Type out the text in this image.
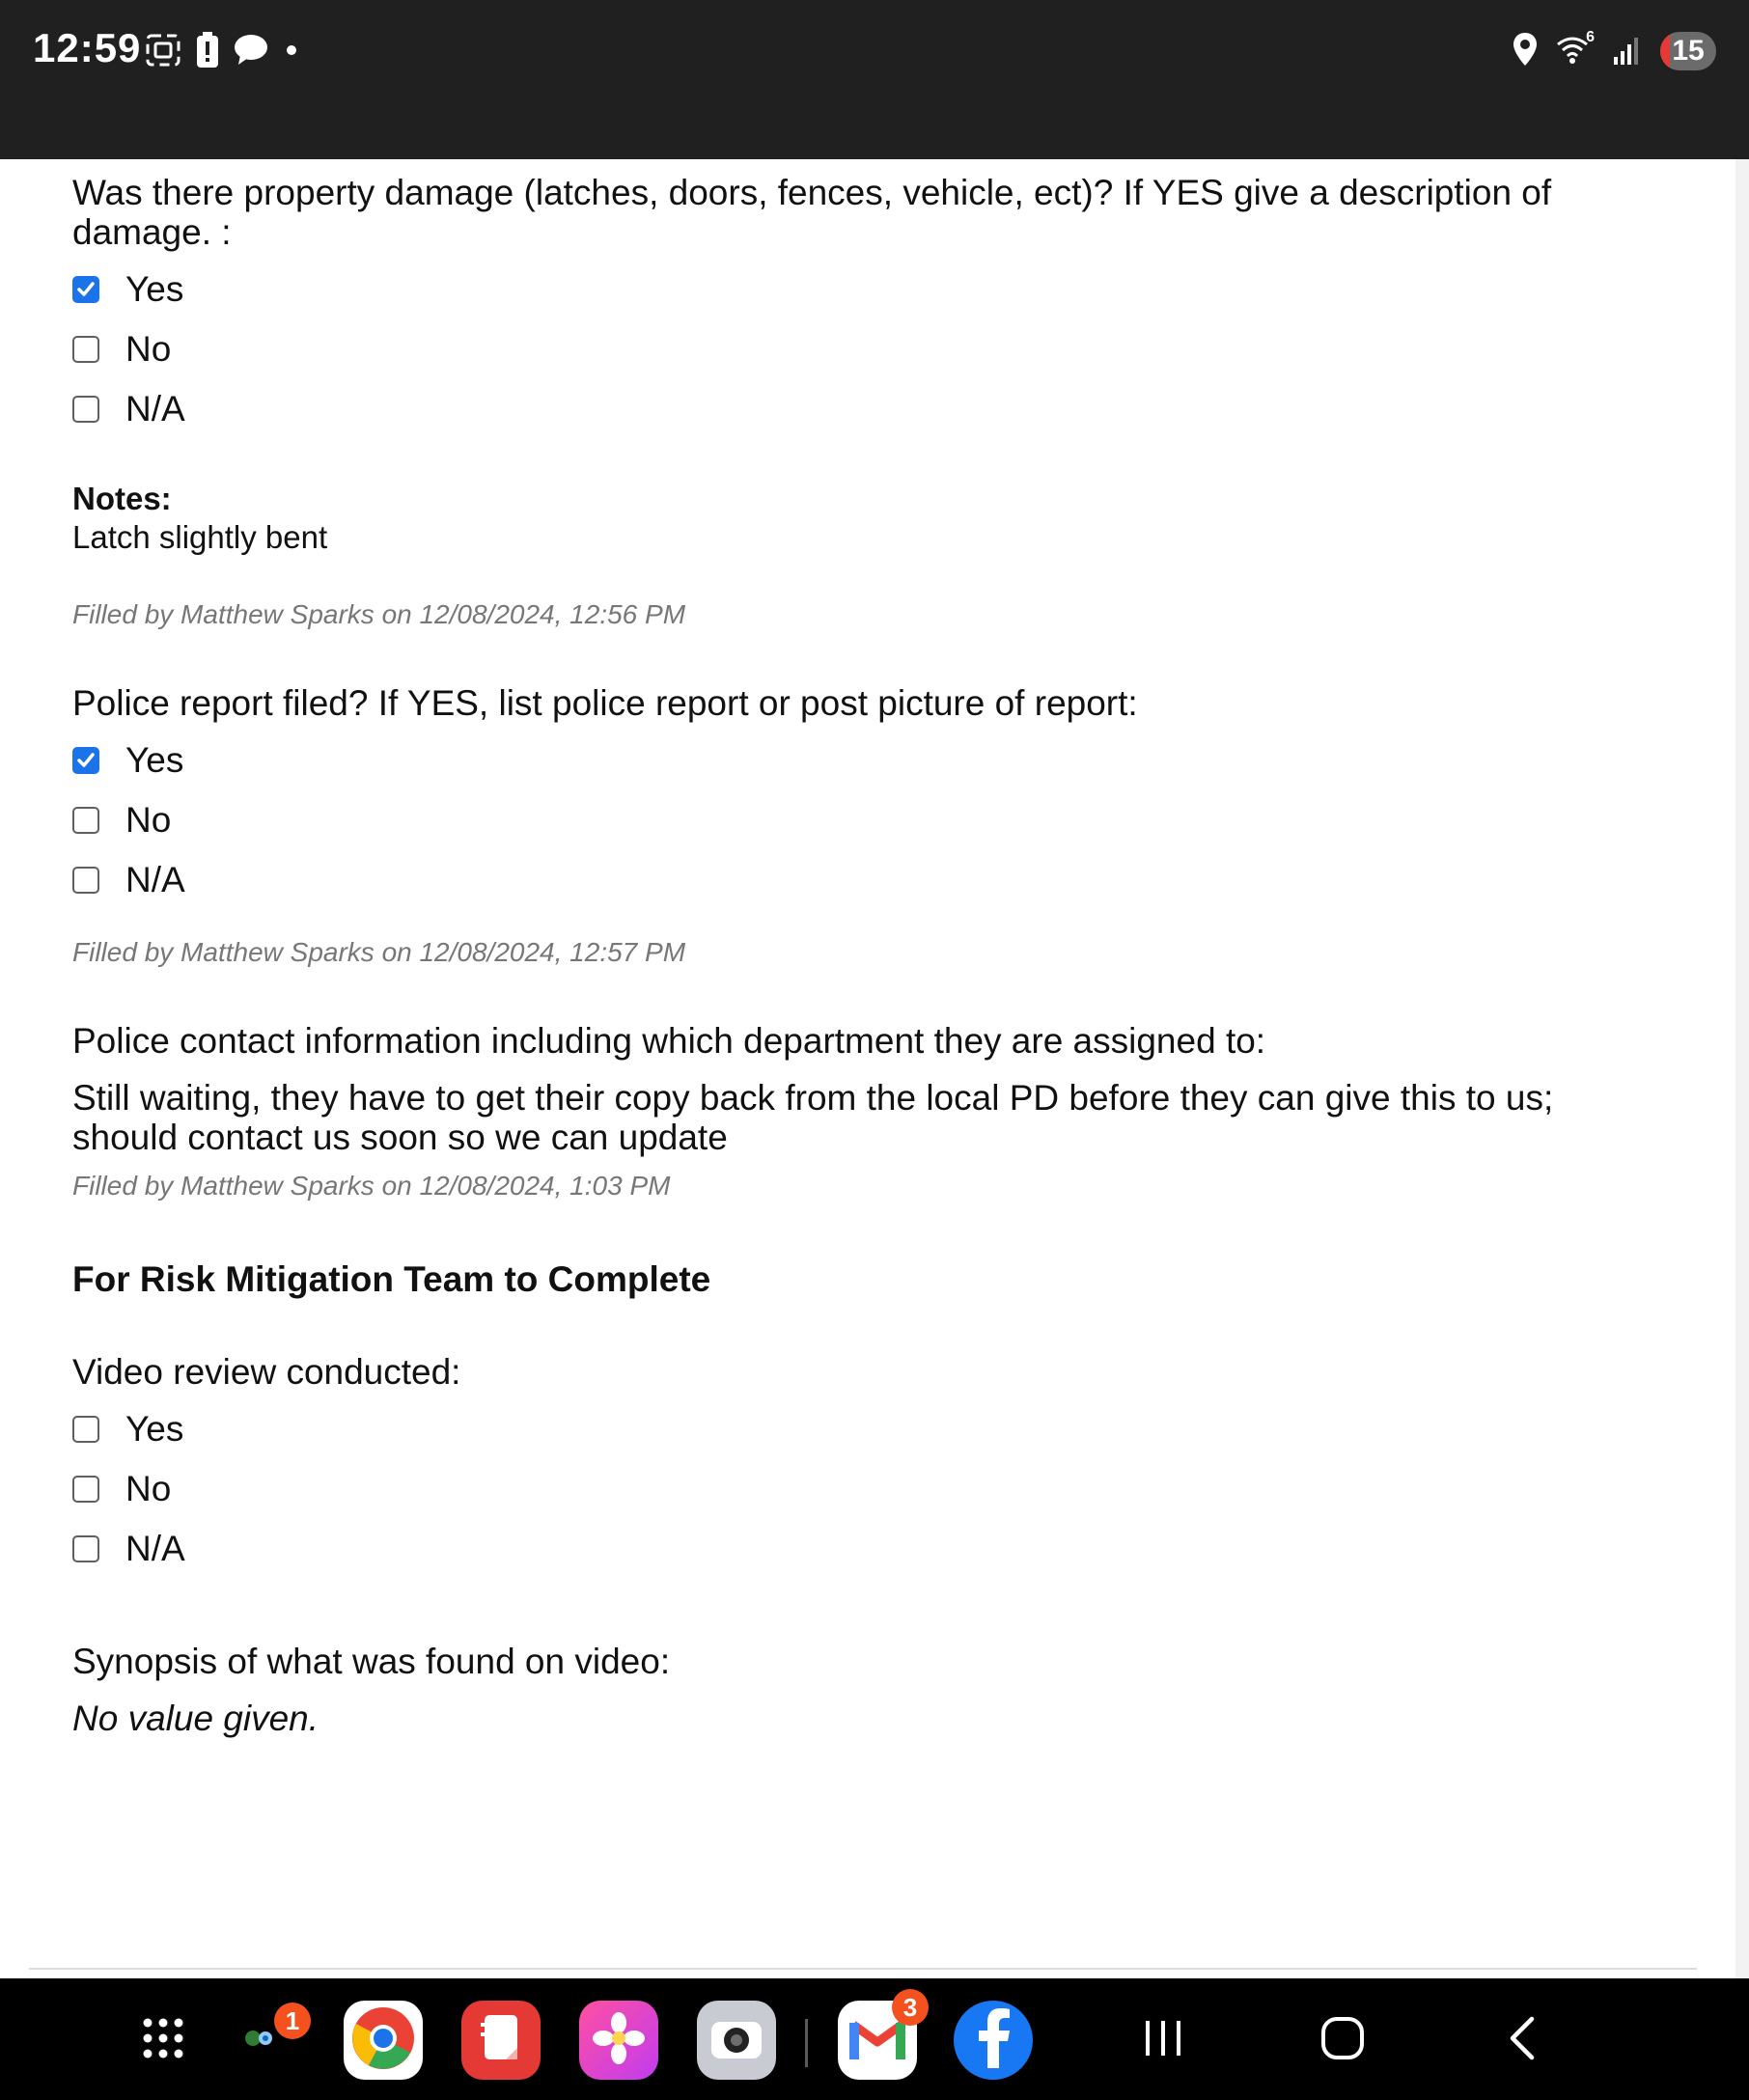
12:59	6	15

Was there property damage (latches, doors, fences, vehicle, ect)? If YES give a description of damage. :

Yes
No
N/A

Notes:

Latch slightly bent

Filled by Matthew Sparks on 12/08/2024, 12:56 PM

Police report filed? If YES, list police report or post picture of report:

Yes
No
N/A

Filled by Matthew Sparks on 12/08/2024, 12:57 PM

Police contact information including which department they are assigned to:

Still waiting, they have to get their copy back from the local PD before they can give this to us; should contact us soon so we can update

Filled by Matthew Sparks on 12/08/2024, 1:03 PM

For Risk Mitigation Team to Complete

Video review conducted:

Yes
No
N/A

Synopsis of what was found on video:

No value given.

1	3
